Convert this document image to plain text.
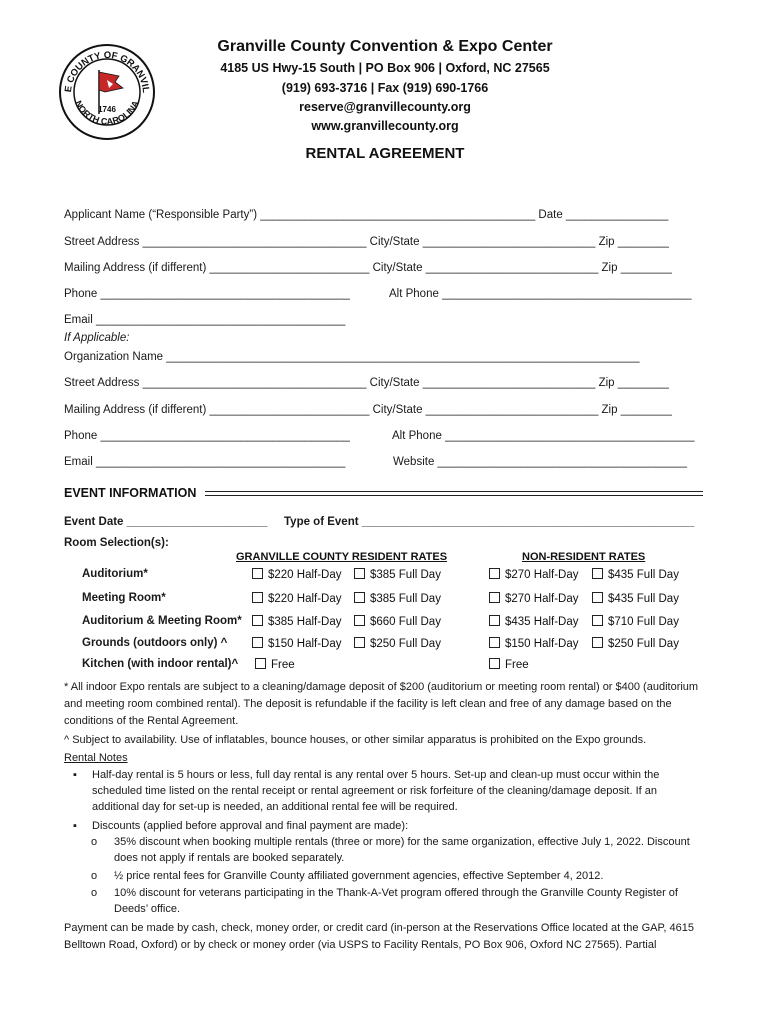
E COUNTY OF GRANVIL
NORTH CAROLINA
1746
Granville County Convention & Expo Center
4185 US Hwy-15 South | PO Box 906 | Oxford, NC 27565
(919) 693-3716 | Fax (919) 690-1766
reserve@granvillecounty.org
www.granvillecounty.org
RENTAL AGREEMENT
Applicant Name (“Responsible Party”) ___________________________________________ Date ________________
Street Address ___________________________________ City/State ___________________________ Zip ________
Mailing Address (if different) _________________________ City/State ___________________________ Zip ________
Phone _______________________________________	Alt Phone _______________________________________
Email _______________________________________
If Applicable:
Organization Name __________________________________________________________________________
Street Address ___________________________________ City/State ___________________________ Zip ________
Mailing Address (if different) _________________________ City/State ___________________________ Zip ________
Phone _______________________________________	Alt Phone _______________________________________
Email _______________________________________	Website _______________________________________
EVENT INFORMATION
Event Date ______________________ Type of Event ____________________________________________________
Room Selection(s):
GRANVILLE COUNTY RESIDENT RATES	NON-RESIDENT RATES
Auditorium*	$220 Half-Day	$385 Full Day	$270 Half-Day	$435 Full Day
Meeting Room*	$220 Half-Day	$385 Full Day	$270 Half-Day	$435 Full Day
Auditorium & Meeting Room*	$385 Half-Day	$660 Full Day	$435 Half-Day	$710 Full Day
Grounds (outdoors only) ^	$150 Half-Day	$250 Full Day	$150 Half-Day	$250 Full Day
Kitchen (with indoor rental)^	Free	Free
* All indoor Expo rentals are subject to a cleaning/damage deposit of $200 (auditorium or meeting room rental) or $400 (auditorium and meeting room combined rental). The deposit is refundable if the facility is left clean and free of any damage based on the conditions of the Rental Agreement.
^ Subject to availability. Use of inflatables, bounce houses, or other similar apparatus is prohibited on the Expo grounds.
Rental Notes
▪ Half-day rental is 5 hours or less, full day rental is any rental over 5 hours. Set-up and clean-up must occur within the scheduled time listed on the rental receipt or rental agreement or risk forfeiture of the cleaning/damage deposit. If an additional day for set-up is needed, an additional rental fee will be required.
▪ Discounts (applied before approval and final payment are made):
o 35% discount when booking multiple rentals (three or more) for the same organization, effective July 1, 2022. Discount does not apply if rentals are booked separately.
o ½ price rental fees for Granville County affiliated government agencies, effective September 4, 2012.
o 10% discount for veterans participating in the Thank-A-Vet program offered through the Granville County Register of Deeds’ office.
Payment can be made by cash, check, money order, or credit card (in-person at the Reservations Office located at the GAP, 4615 Belltown Road, Oxford) or by check or money order (via USPS to Facility Rentals, PO Box 906, Oxford NC 27565). Partial
